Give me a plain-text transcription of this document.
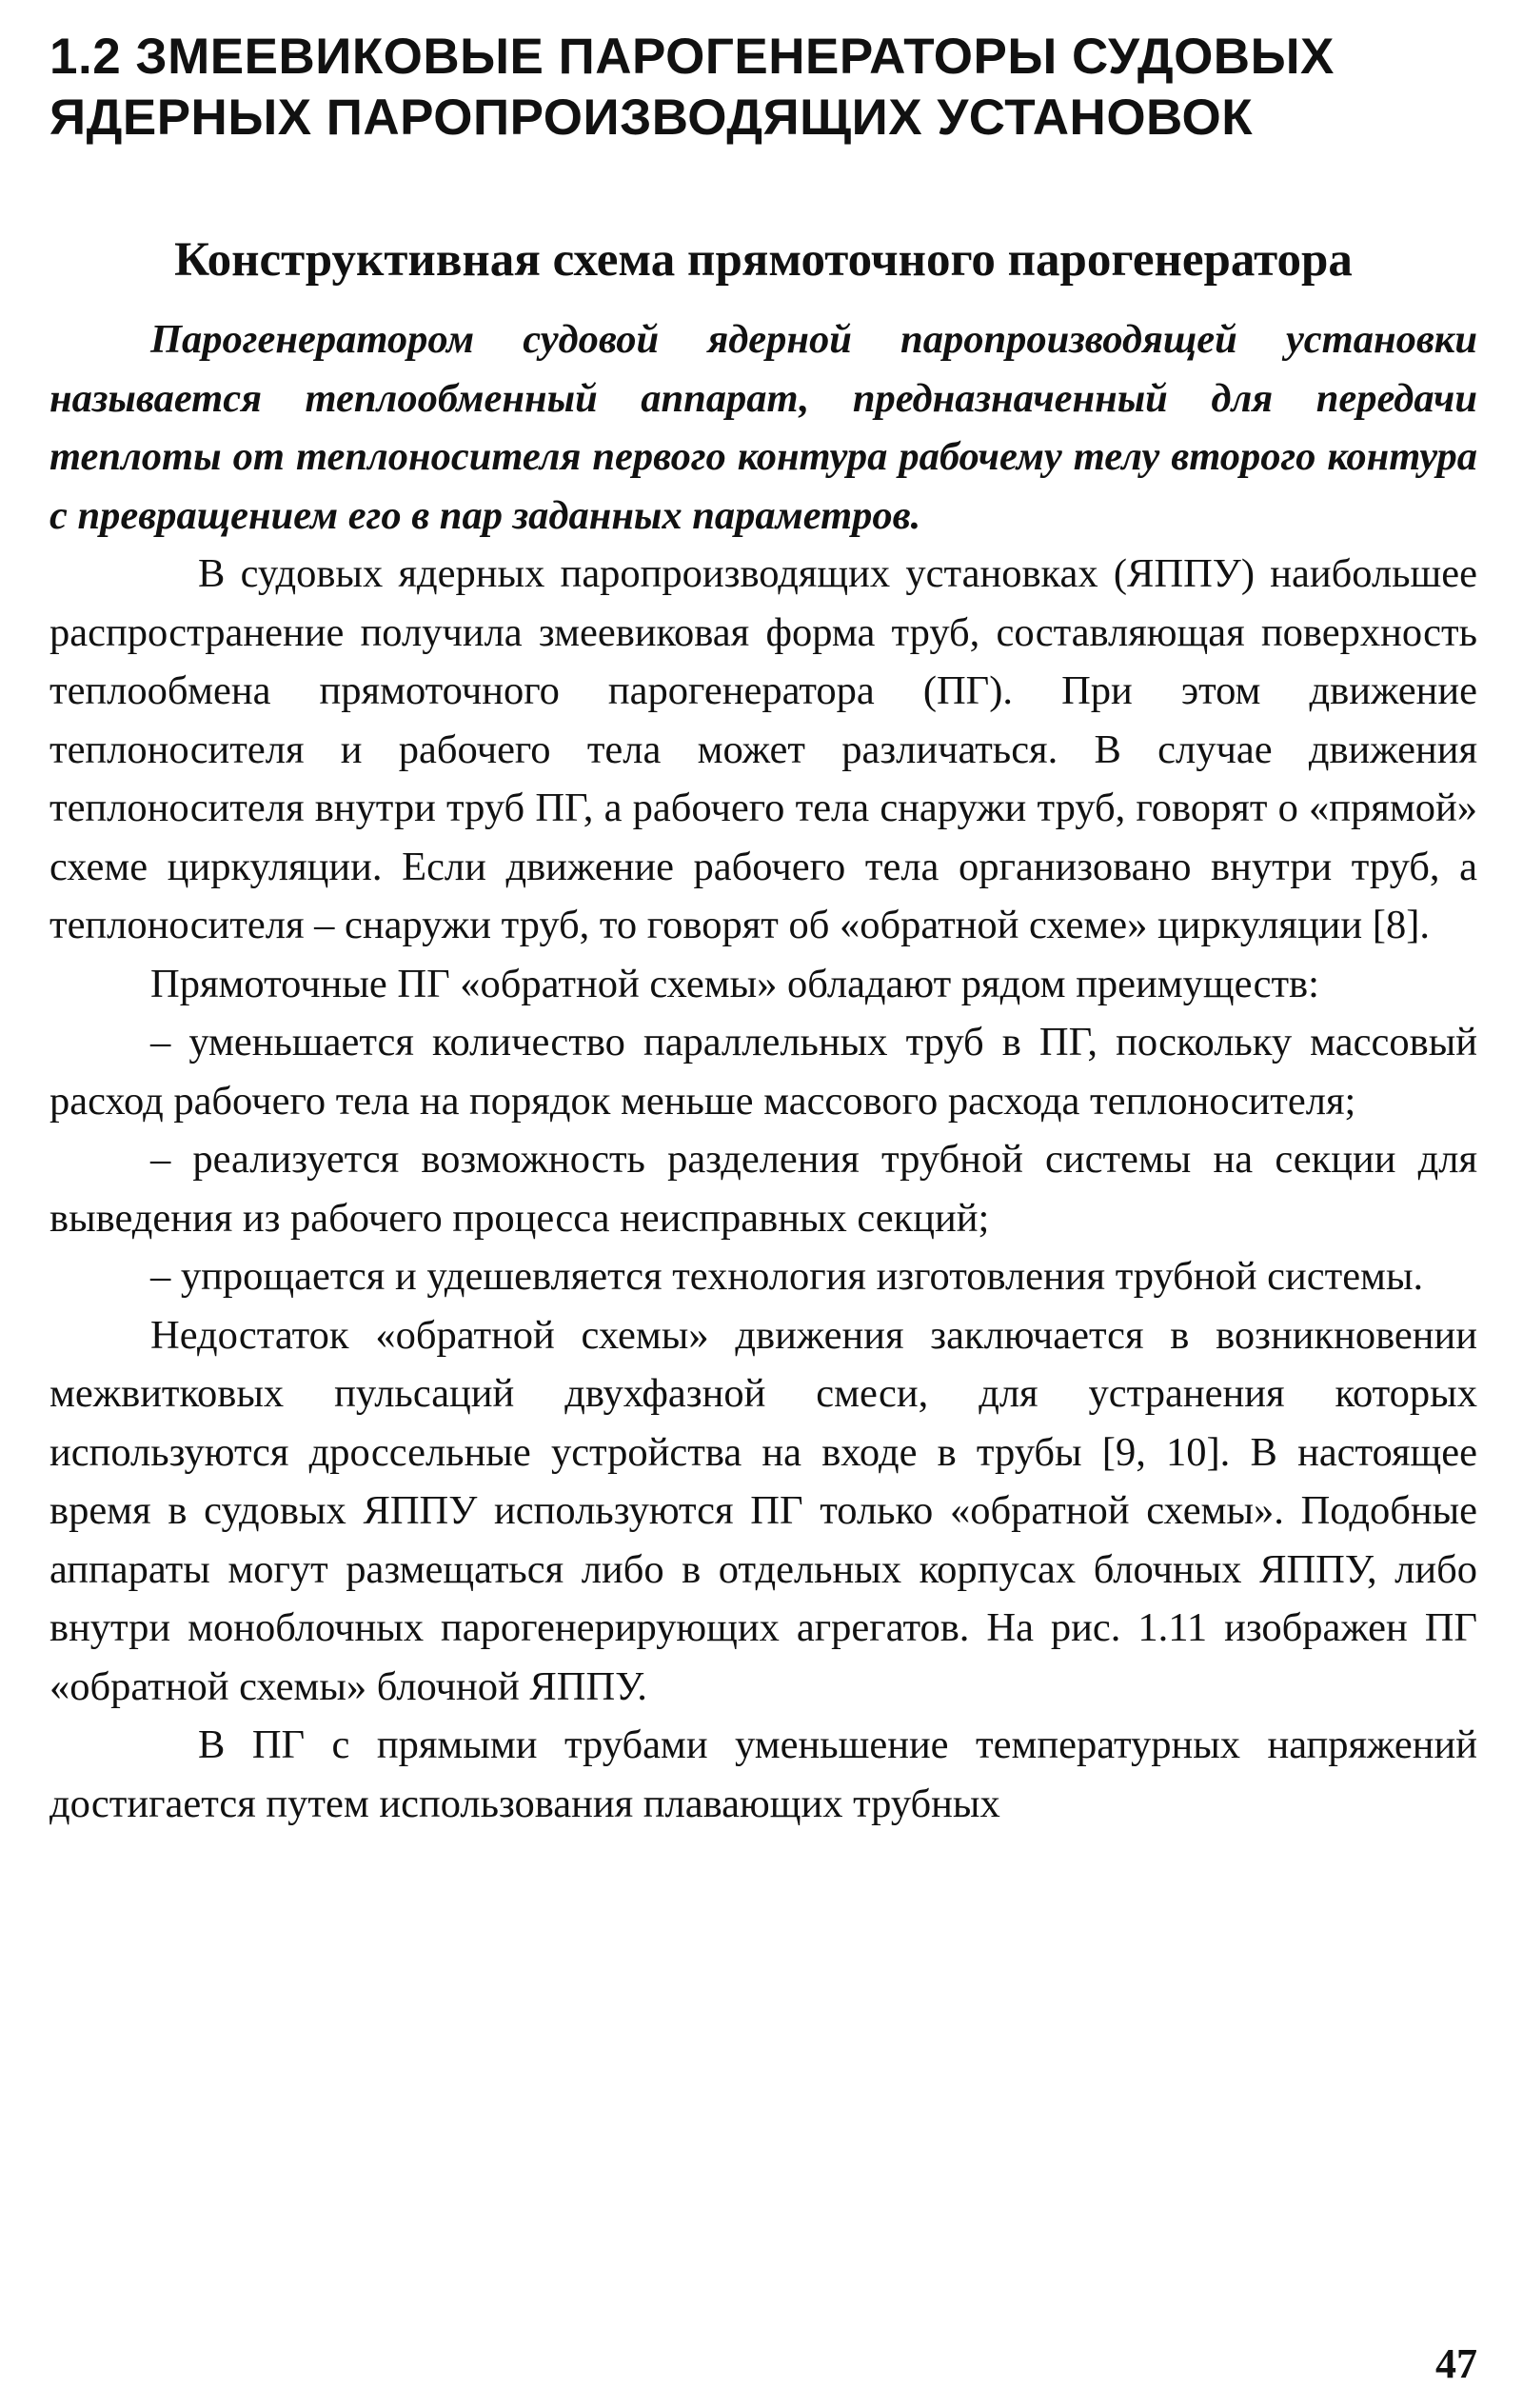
1.2 ЗМЕЕВИКОВЫЕ ПАРОГЕНЕРАТОРЫ СУДОВЫХ ЯДЕРНЫХ ПАРОПРОИЗВОДЯЩИХ УСТАНОВОК
Конструктивная схема прямоточного парогенератора

Парогенератором судовой ядерной паропроизводящей установки называется теплообменный аппарат, предназначенный для передачи теплоты от теплоносителя первого контура рабочему телу второго контура с превращением его в пар заданных параметров.

В судовых ядерных паропроизводящих установках (ЯППУ) наибольшее распространение получила змеевиковая форма труб, составляющая поверхность теплообмена прямоточного парогенератора (ПГ). При этом движение теплоносителя и рабочего тела может различаться. В случае движения теплоносителя внутри труб ПГ, а рабочего тела снаружи труб, говорят о «прямой» схеме циркуляции. Если движение рабочего тела организовано внутри труб, а теплоносителя – снаружи труб, то говорят об «обратной схеме» циркуляции [8].

Прямоточные ПГ «обратной схемы» обладают рядом преимуществ:

– уменьшается количество параллельных труб в ПГ, поскольку массовый расход рабочего тела на порядок меньше массового расхода теплоносителя;

– реализуется возможность разделения трубной системы на секции для выведения из рабочего процесса неисправных секций;

– упрощается и удешевляется технология изготовления трубной системы.

Недостаток «обратной схемы» движения заключается в возникновении межвитковых пульсаций двухфазной смеси, для устранения которых используются дроссельные устройства на входе в трубы [9, 10]. В настоящее время в судовых ЯППУ используются ПГ только «обратной схемы». Подобные аппараты могут размещаться либо в отдельных корпусах блочных ЯППУ, либо внутри моноблочных парогенерирующих агрегатов. На рис. 1.11 изображен ПГ «обратной схемы» блочной ЯППУ.

В ПГ с прямыми трубами уменьшение температурных напряжений достигается путем использования плавающих трубных

47
